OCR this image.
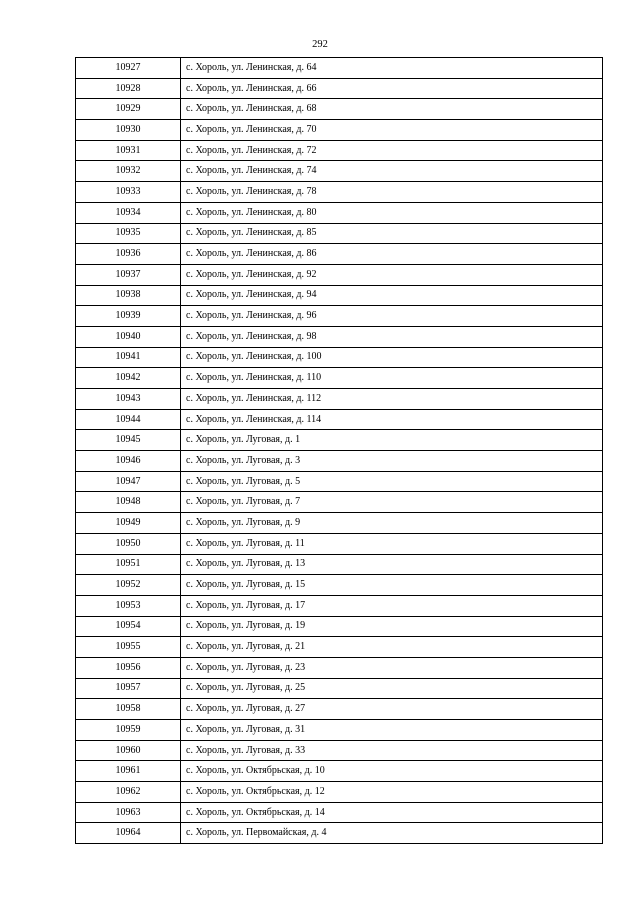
292
10927	с. Хороль, ул. Ленинская, д. 64
10928	с. Хороль, ул. Ленинская, д. 66
10929	с. Хороль, ул. Ленинская, д. 68
10930	с. Хороль, ул. Ленинская, д. 70
10931	с. Хороль, ул. Ленинская, д. 72
10932	с. Хороль, ул. Ленинская, д. 74
10933	с. Хороль, ул. Ленинская, д. 78
10934	с. Хороль, ул. Ленинская, д. 80
10935	с. Хороль, ул. Ленинская, д. 85
10936	с. Хороль, ул. Ленинская, д. 86
10937	с. Хороль, ул. Ленинская, д. 92
10938	с. Хороль, ул. Ленинская, д. 94
10939	с. Хороль, ул. Ленинская, д. 96
10940	с. Хороль, ул. Ленинская, д. 98
10941	с. Хороль, ул. Ленинская, д. 100
10942	с. Хороль, ул. Ленинская, д. 110
10943	с. Хороль, ул. Ленинская, д. 112
10944	с. Хороль, ул. Ленинская, д. 114
10945	с. Хороль, ул. Луговая, д. 1
10946	с. Хороль, ул. Луговая, д. 3
10947	с. Хороль, ул. Луговая, д. 5
10948	с. Хороль, ул. Луговая, д. 7
10949	с. Хороль, ул. Луговая, д. 9
10950	с. Хороль, ул. Луговая, д. 11
10951	с. Хороль, ул. Луговая, д. 13
10952	с. Хороль, ул. Луговая, д. 15
10953	с. Хороль, ул. Луговая, д. 17
10954	с. Хороль, ул. Луговая, д. 19
10955	с. Хороль, ул. Луговая, д. 21
10956	с. Хороль, ул. Луговая, д. 23
10957	с. Хороль, ул. Луговая, д. 25
10958	с. Хороль, ул. Луговая, д. 27
10959	с. Хороль, ул. Луговая, д. 31
10960	с. Хороль, ул. Луговая, д. 33
10961	с. Хороль, ул. Октябрьская, д. 10
10962	с. Хороль, ул. Октябрьская, д. 12
10963	с. Хороль, ул. Октябрьская, д. 14
10964	с. Хороль, ул. Первомайская, д. 4
